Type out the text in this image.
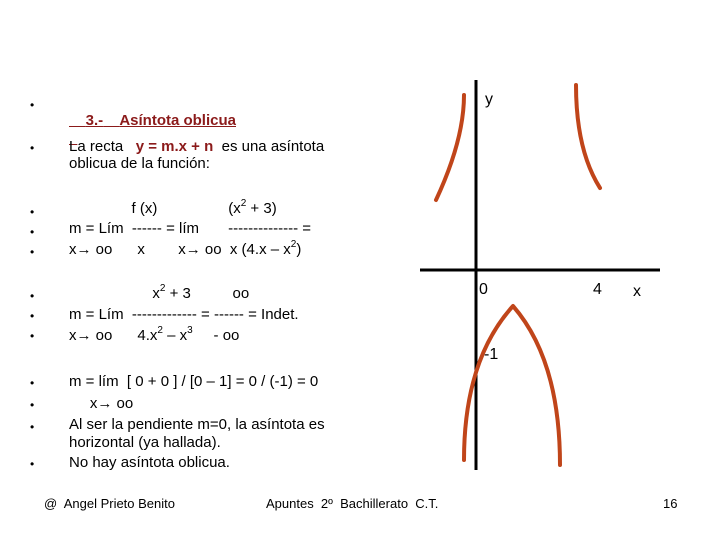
•
•
•
•
•
•
•
•
•
•
•
•

3.- Asíntota oblicua

La recta y = m.x + n es una asíntota
oblicua de la función:
f (x)	$(x^2 + 3)$
m = Lím  ------ = lím       -------------- =
x→ oo      x        x→ oo  x $(4.x - x^2)$
$x^2 + 3$	oo
m = Lím  ------------- = ------ = Indet.
x→ oo      $4.x^2 - x^3$     - oo
m = lím  [ 0 + 0 ] / [0 – 1] = 0 / (-1) = 0
x→ oo
Al ser la pendiente m=0, la asíntota es
horizontal (ya hallada).
No hay asíntota oblicua.
y
0	4 x
-1
@  Angel Prieto Benito	Apuntes  2º  Bachillerato  C.T.	16
